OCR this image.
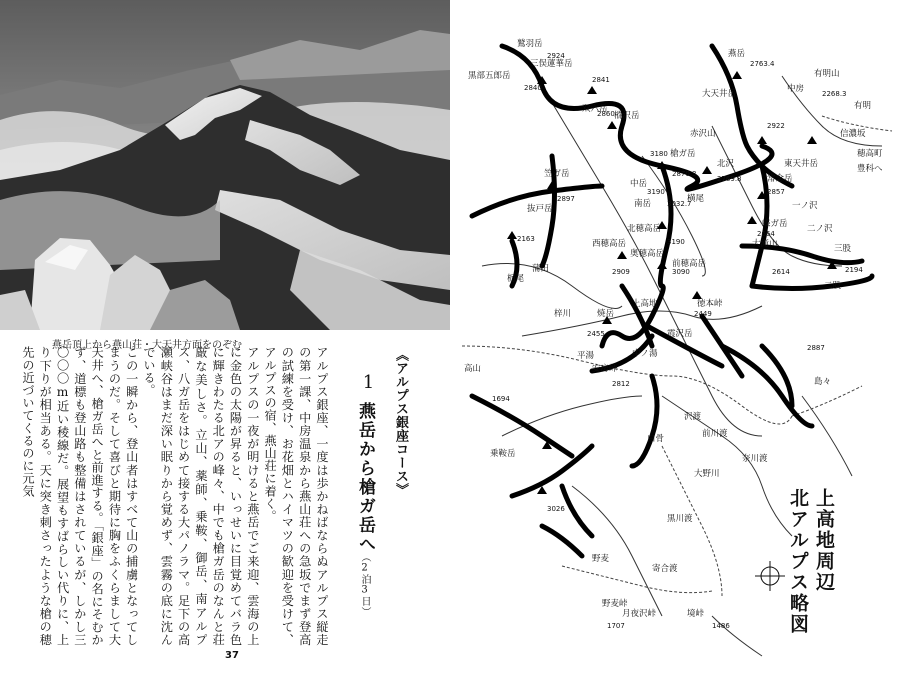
燕岳頂上から燕山荘・大天井方面をのぞむ
《アルプス銀座コース》
1
燕岳から槍ガ岳へ
（2泊3日）

アルプス銀座、一度は歩かねばならぬアルプス縦走の第一課、中房温泉から燕山荘への急坂でまず登高の試練を受け、お花畑とハイマツの歓迎を受けて、アルプスの宿、燕山荘に着く。

アルプスの一夜が明けると燕岳でご来迎、雲海の上に金色の太陽が昇ると、いっせいに目覚めてバラ色に輝きわたる北アの峰々、中でも槍ガ岳のなんと荘厳な美しさ。立山、薬師、乗鞍、御岳、南アルプス、八ガ岳をはじめて接する大パノラマ。足下の高瀬峡谷はまだ深い眠りから覚めず、雲霧の底に沈んでいる。

この一瞬から、登山者はすべて山の捕虜となってしまうのだ。そして喜びと期待に胸をふくらまして大天井へ、槍ガ岳へと前進する。「銀座」の名にそむかず、道標も登山路も整備はされているが、しかし三〇〇〇m近い稜線だ。展望もすばらしい代りに、上り下りが相当ある。天に突き刺さったような槍の穂先の近づいてくるのに元気

37
鷲羽岳
三俣蓮華岳
黒部五郎岳
双六岳
樅沢岳
槍ガ岳
大天井岳
赤沢山
常念岳
蝶ガ岳
燕岳
有明山
笠ガ岳
抜戸岳
中岳
南岳
北穂高岳
奥穂高岳
前穂高岳
西穂高岳
焼岳
乗鞍岳
霞沢岳
大滝山
徳本峠
東天井岳
有明
信濃坂
中房
北沢
横尾
一ノ沢
二ノ沢
三股
上高地
中ノ湯
白骨
沢渡
前川渡
大野川
奈川渡
寄合渡
野麦
野麦峠
安房峠
平湯
栃尾
蒲田
高山
島々
梓川
黒川渡
月夜沢峠	境峠
穂高町
豊科へ
二股
2924
2841
2840
2860
2763.4
2268.3
3180
2922
2857
2664
2194
2614
2897
3190
3032.7
3190
3090
2909
2455
2449
2887
2812
1694
3026
1707	1486
2163
2870.3
2769.8
上高地周辺
北アルプス略図
